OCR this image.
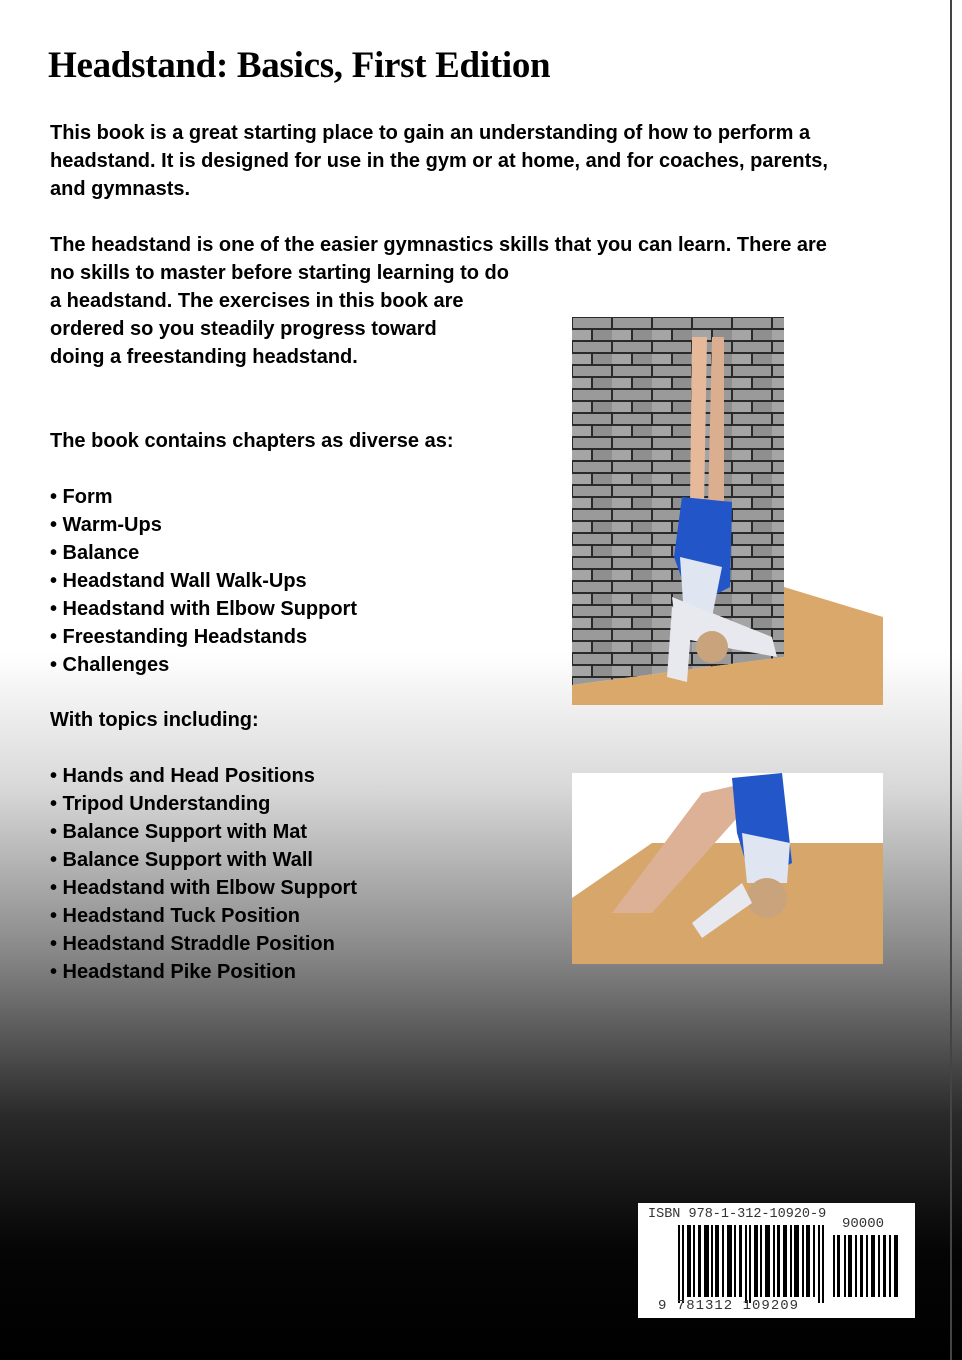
Headstand: Basics, First Edition
This book is a great starting place to gain an understanding of how to perform a
headstand. It is designed for use in the gym or at home, and for coaches, parents,
and gymnasts.
The headstand is one of the easier gymnastics skills that you can learn. There are
no skills to master before starting learning to do
a headstand. The exercises in this book are
ordered so you steadily progress toward
doing a freestanding headstand.
The book contains chapters as diverse as:
• Form
• Warm-Ups
• Balance
• Headstand Wall Walk-Ups
• Headstand with Elbow Support
• Freestanding Headstands
• Challenges
With topics including:
• Hands and Head Positions
• Tripod Understanding
• Balance Support with Mat
• Balance Support with Wall
• Headstand with Elbow Support
• Headstand Tuck Position
• Headstand Straddle Position
• Headstand Pike Position
ISBN 978-1-312-10920-9
90000
9 781312 109209
